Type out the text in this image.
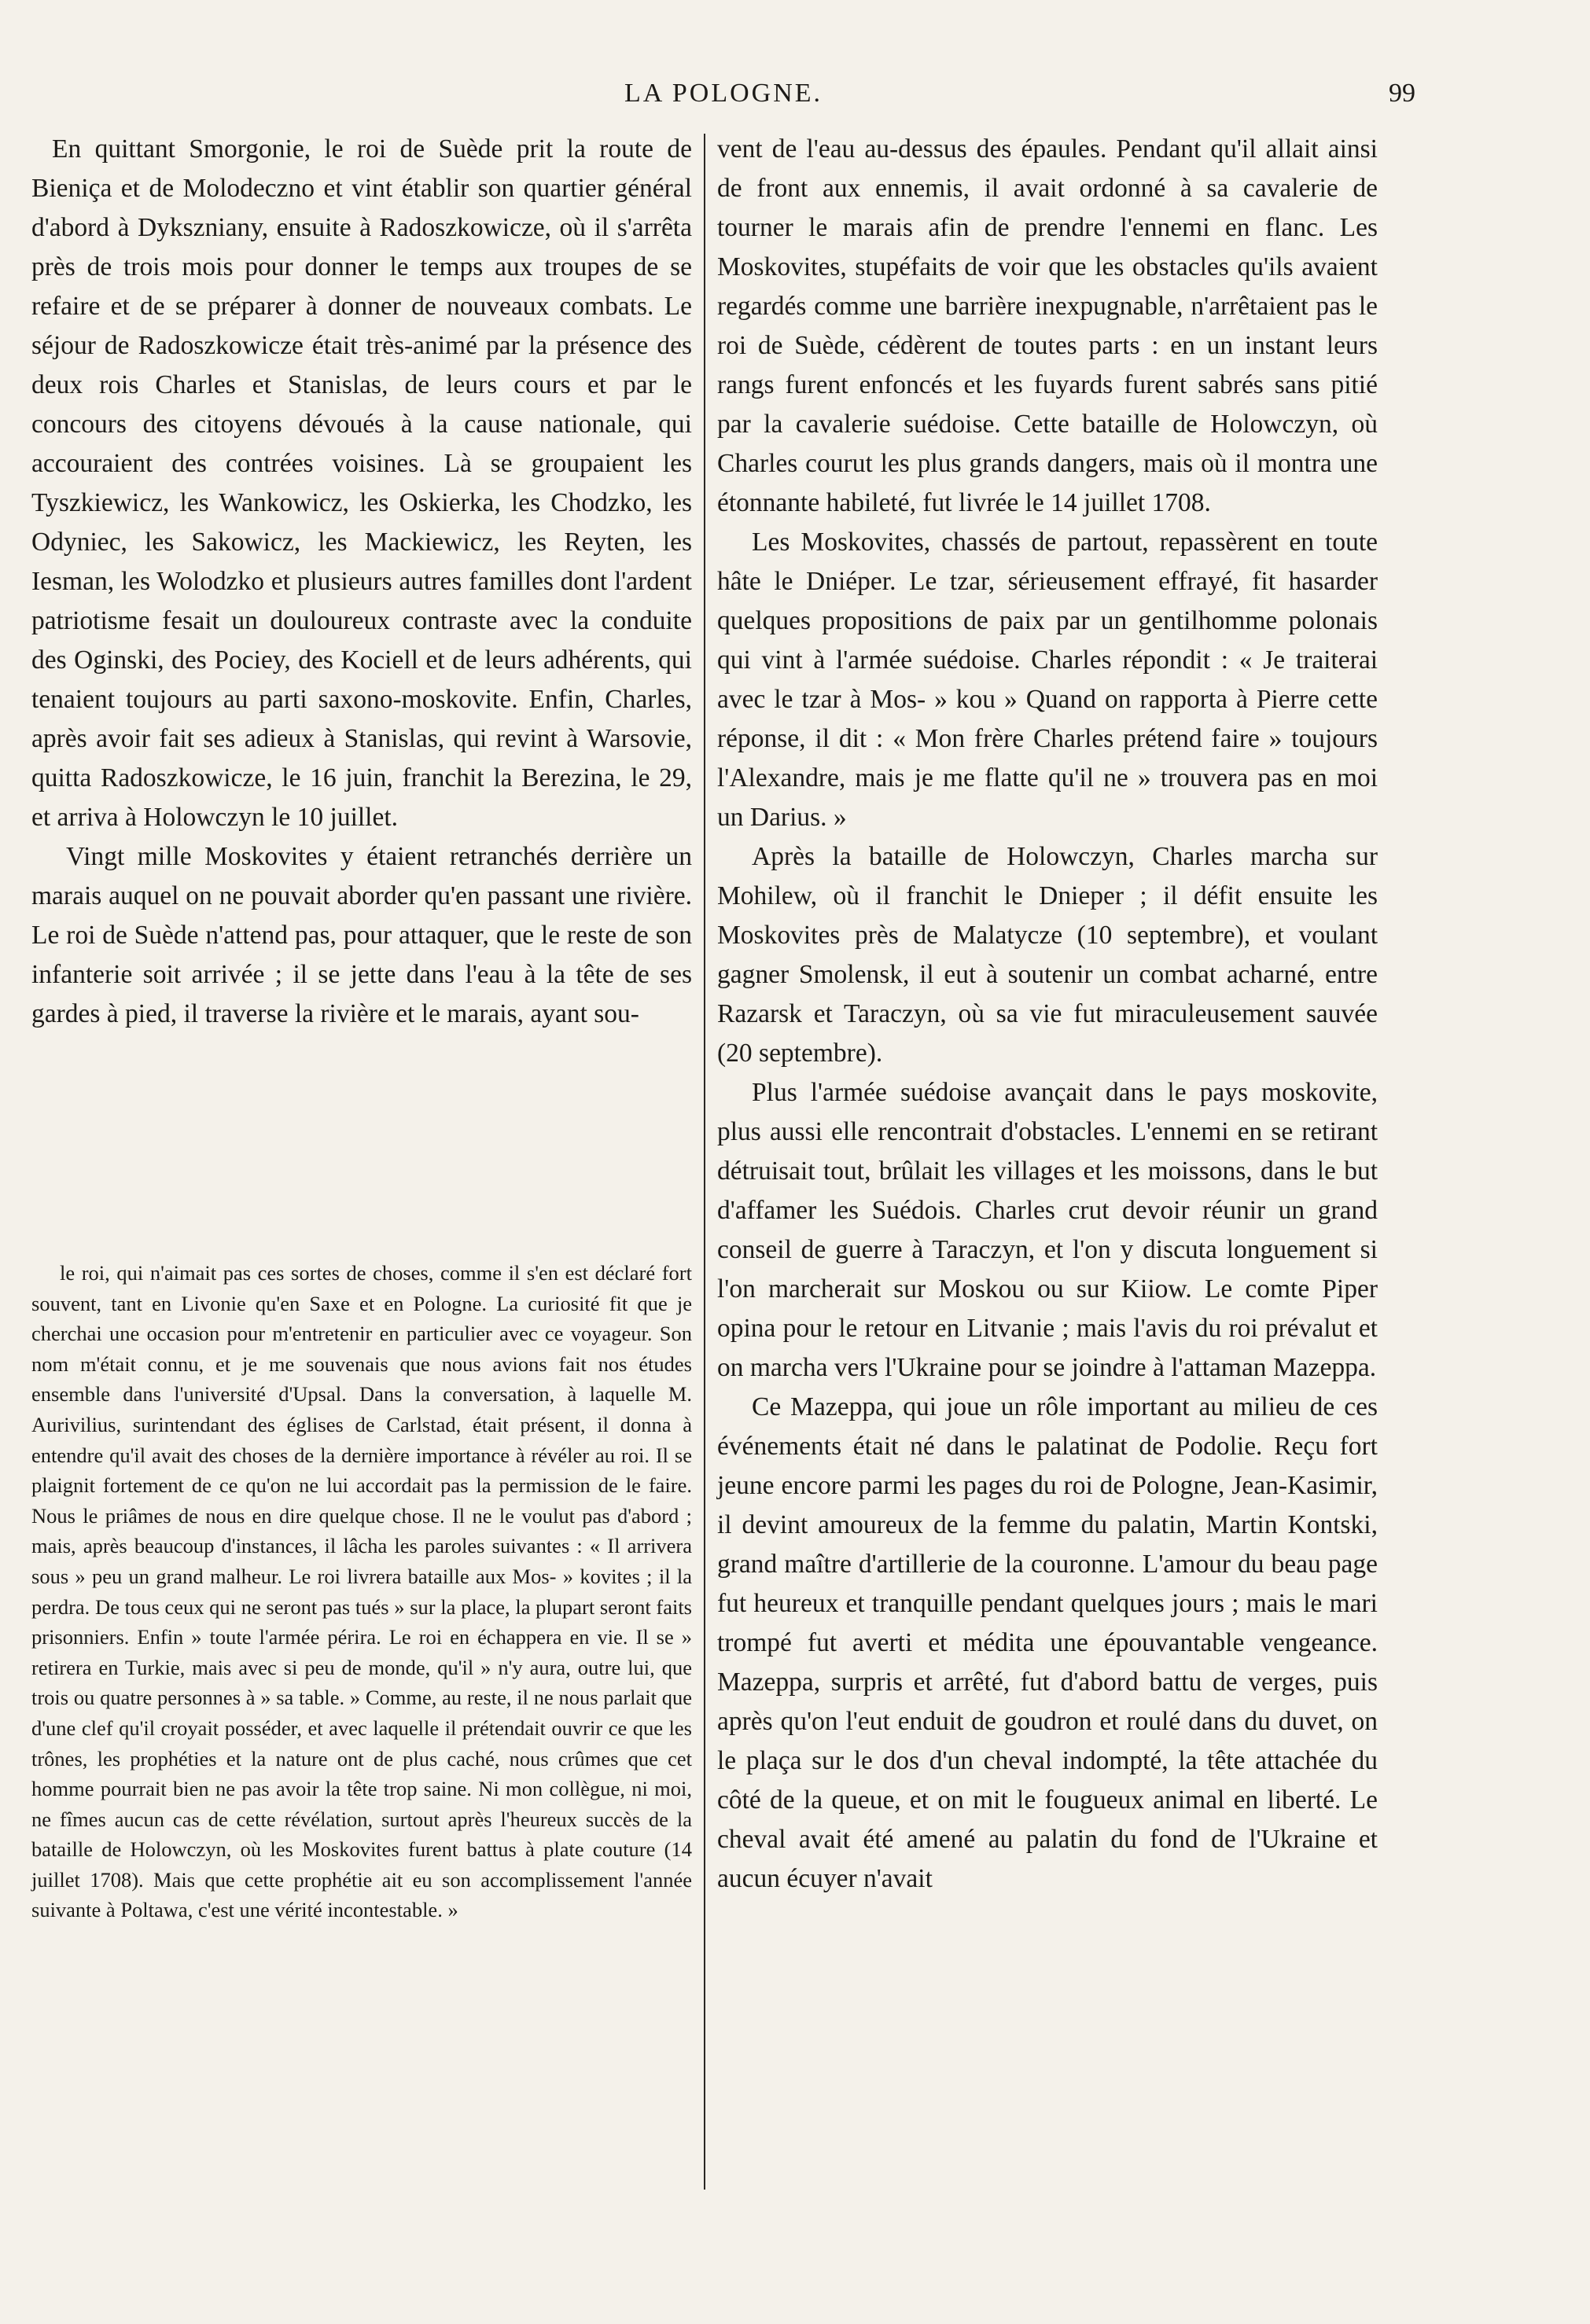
LA POLOGNE.	99

En quittant Smorgonie, le roi de Suède prit la route de Bieniça et de Molodeczno et vint établir son quartier général d'abord à Dykszniany, ensuite à Radoszkowicze, où il s'arrêta près de trois mois pour donner le temps aux troupes de se refaire et de se préparer à donner de nouveaux combats. Le séjour de Radoszkowicze était très-animé par la présence des deux rois Charles et Stanislas, de leurs cours et par le concours des citoyens dévoués à la cause nationale, qui accouraient des contrées voisines. Là se groupaient les Tyszkiewicz, les Wankowicz, les Oskierka, les Chodzko, les Odyniec, les Sakowicz, les Mackiewicz, les Reyten, les Iesman, les Wolodzko et plusieurs autres familles dont l'ardent patriotisme fesait un douloureux contraste avec la conduite des Oginski, des Pociey, des Kociell et de leurs adhérents, qui tenaient toujours au parti saxono-moskovite. Enfin, Charles, après avoir fait ses adieux à Stanislas, qui revint à Warsovie, quitta Radoszkowicze, le 16 juin, franchit la Berezina, le 29, et arriva à Holowczyn le 10 juillet.

Vingt mille Moskovites y étaient retranchés derrière un marais auquel on ne pouvait aborder qu'en passant une rivière. Le roi de Suède n'attend pas, pour attaquer, que le reste de son infanterie soit arrivée ; il se jette dans l'eau à la tête de ses gardes à pied, il traverse la rivière et le marais, ayant sou-

le roi, qui n'aimait pas ces sortes de choses, comme il s'en est déclaré fort souvent, tant en Livonie qu'en Saxe et en Pologne. La curiosité fit que je cherchai une occasion pour m'entretenir en particulier avec ce voyageur. Son nom m'était connu, et je me souvenais que nous avions fait nos études ensemble dans l'université d'Upsal. Dans la conversation, à laquelle M. Aurivilius, surintendant des églises de Carlstad, était présent, il donna à entendre qu'il avait des choses de la dernière importance à révéler au roi. Il se plaignit fortement de ce qu'on ne lui accordait pas la permission de le faire. Nous le priâmes de nous en dire quelque chose. Il ne le voulut pas d'abord ; mais, après beaucoup d'instances, il lâcha les paroles suivantes : « Il arrivera sous » peu un grand malheur. Le roi livrera bataille aux Mos- » kovites ; il la perdra. De tous ceux qui ne seront pas tués » sur la place, la plupart seront faits prisonniers. Enfin » toute l'armée périra. Le roi en échappera en vie. Il se » retirera en Turkie, mais avec si peu de monde, qu'il » n'y aura, outre lui, que trois ou quatre personnes à » sa table. » Comme, au reste, il ne nous parlait que d'une clef qu'il croyait posséder, et avec laquelle il prétendait ouvrir ce que les trônes, les prophéties et la nature ont de plus caché, nous crûmes que cet homme pourrait bien ne pas avoir la tête trop saine. Ni mon collègue, ni moi, ne fîmes aucun cas de cette révélation, surtout après l'heureux succès de la bataille de Holowczyn, où les Moskovites furent battus à plate couture (14 juillet 1708). Mais que cette prophétie ait eu son accomplissement l'année suivante à Poltawa, c'est une vérité incontestable. »

vent de l'eau au-dessus des épaules. Pendant qu'il allait ainsi de front aux ennemis, il avait ordonné à sa cavalerie de tourner le marais afin de prendre l'ennemi en flanc. Les Moskovites, stupéfaits de voir que les obstacles qu'ils avaient regardés comme une barrière inexpugnable, n'arrêtaient pas le roi de Suède, cédèrent de toutes parts : en un instant leurs rangs furent enfoncés et les fuyards furent sabrés sans pitié par la cavalerie suédoise. Cette bataille de Holowczyn, où Charles courut les plus grands dangers, mais où il montra une étonnante habileté, fut livrée le 14 juillet 1708.

Les Moskovites, chassés de partout, repassèrent en toute hâte le Dniéper. Le tzar, sérieusement effrayé, fit hasarder quelques propositions de paix par un gentilhomme polonais qui vint à l'armée suédoise. Charles répondit : « Je traiterai avec le tzar à Mos- » kou » Quand on rapporta à Pierre cette réponse, il dit : « Mon frère Charles prétend faire » toujours l'Alexandre, mais je me flatte qu'il ne » trouvera pas en moi un Darius. »

Après la bataille de Holowczyn, Charles marcha sur Mohilew, où il franchit le Dnieper ; il défit ensuite les Moskovites près de Malatycze (10 septembre), et voulant gagner Smolensk, il eut à soutenir un combat acharné, entre Razarsk et Taraczyn, où sa vie fut miraculeusement sauvée (20 septembre).

Plus l'armée suédoise avançait dans le pays moskovite, plus aussi elle rencontrait d'obstacles. L'ennemi en se retirant détruisait tout, brûlait les villages et les moissons, dans le but d'affamer les Suédois. Charles crut devoir réunir un grand conseil de guerre à Taraczyn, et l'on y discuta longuement si l'on marcherait sur Moskou ou sur Kiiow. Le comte Piper opina pour le retour en Litvanie ; mais l'avis du roi prévalut et on marcha vers l'Ukraine pour se joindre à l'attaman Mazeppa.

Ce Mazeppa, qui joue un rôle important au milieu de ces événements était né dans le palatinat de Podolie. Reçu fort jeune encore parmi les pages du roi de Pologne, Jean-Kasimir, il devint amoureux de la femme du palatin, Martin Kontski, grand maître d'artillerie de la couronne. L'amour du beau page fut heureux et tranquille pendant quelques jours ; mais le mari trompé fut averti et médita une épouvantable vengeance. Mazeppa, surpris et arrêté, fut d'abord battu de verges, puis après qu'on l'eut enduit de goudron et roulé dans du duvet, on le plaça sur le dos d'un cheval indompté, la tête attachée du côté de la queue, et on mit le fougueux animal en liberté. Le cheval avait été amené au palatin du fond de l'Ukraine et aucun écuyer n'avait
